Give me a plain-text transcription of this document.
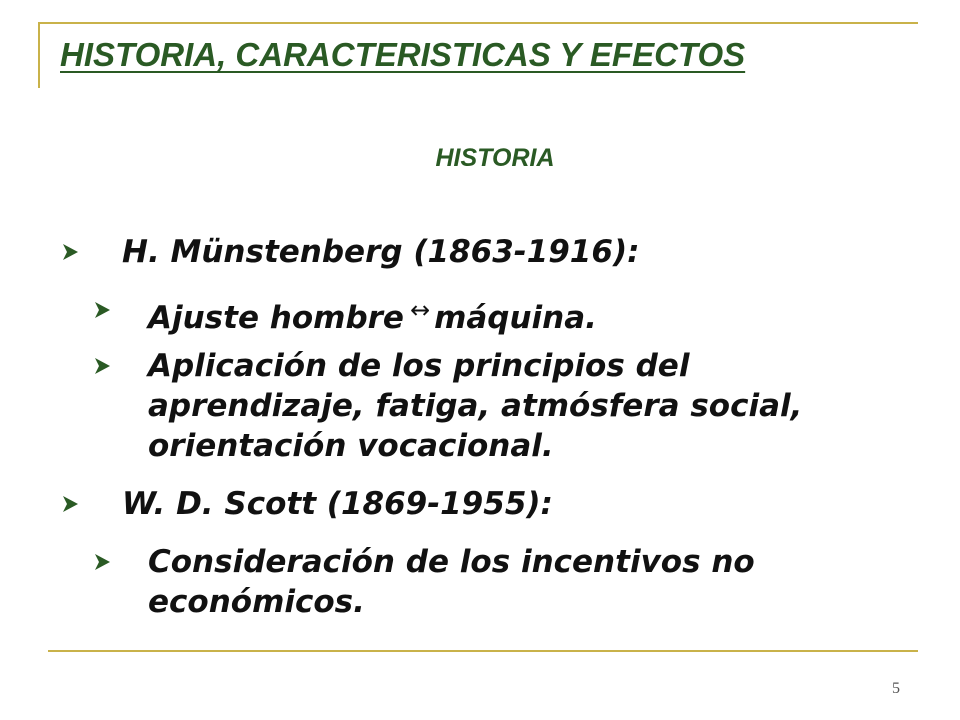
HISTORIA, CARACTERISTICAS Y EFECTOS
HISTORIA
H. Münstenberg (1863-1916):
Ajuste hombre ↔ máquina.
Aplicación de los principios del aprendizaje, fatiga, atmósfera social, orientación vocacional.
W. D. Scott (1869-1955):
Consideración de los incentivos no económicos.
5
